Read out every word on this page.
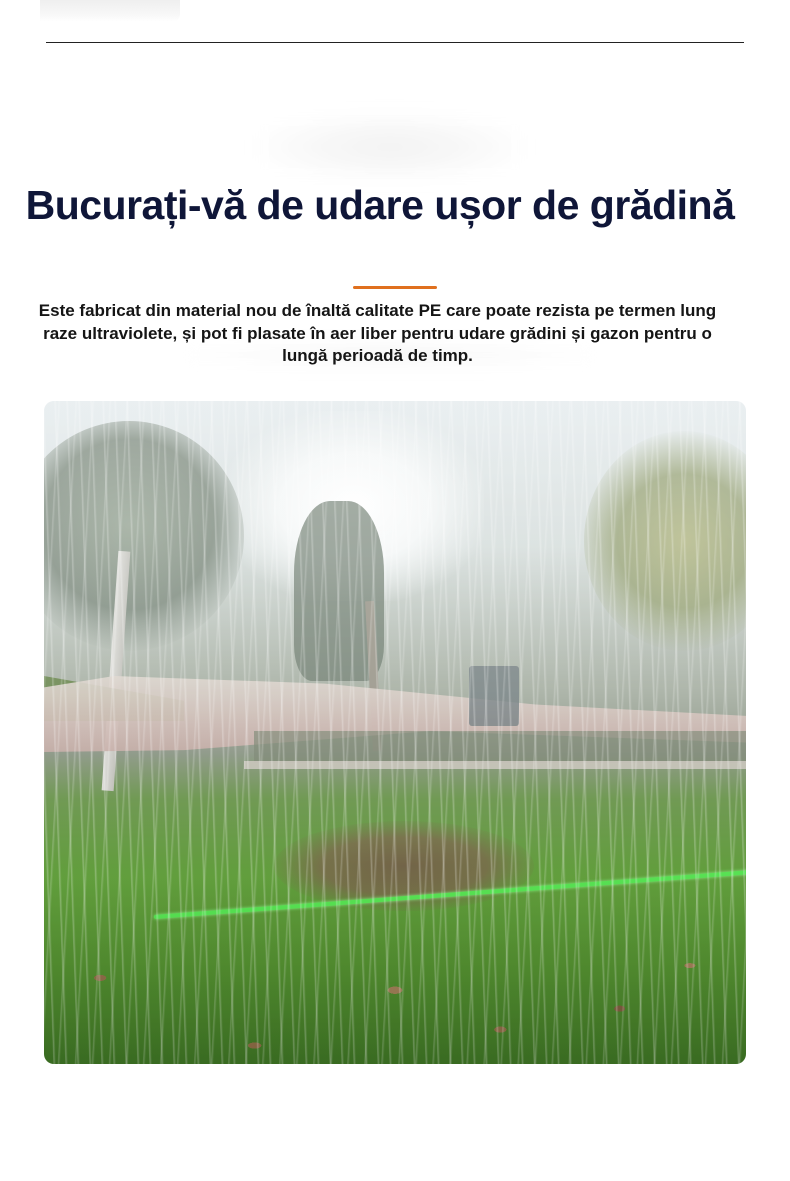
Bucurați-vă de udare ușor de grădină

Este fabricat din material nou de înaltă calitate PE care poate rezista pe termen lung raze ultraviolete, și pot fi plasate în aer liber pentru udare grădini și gazon pentru o lungă perioadă de timp.
